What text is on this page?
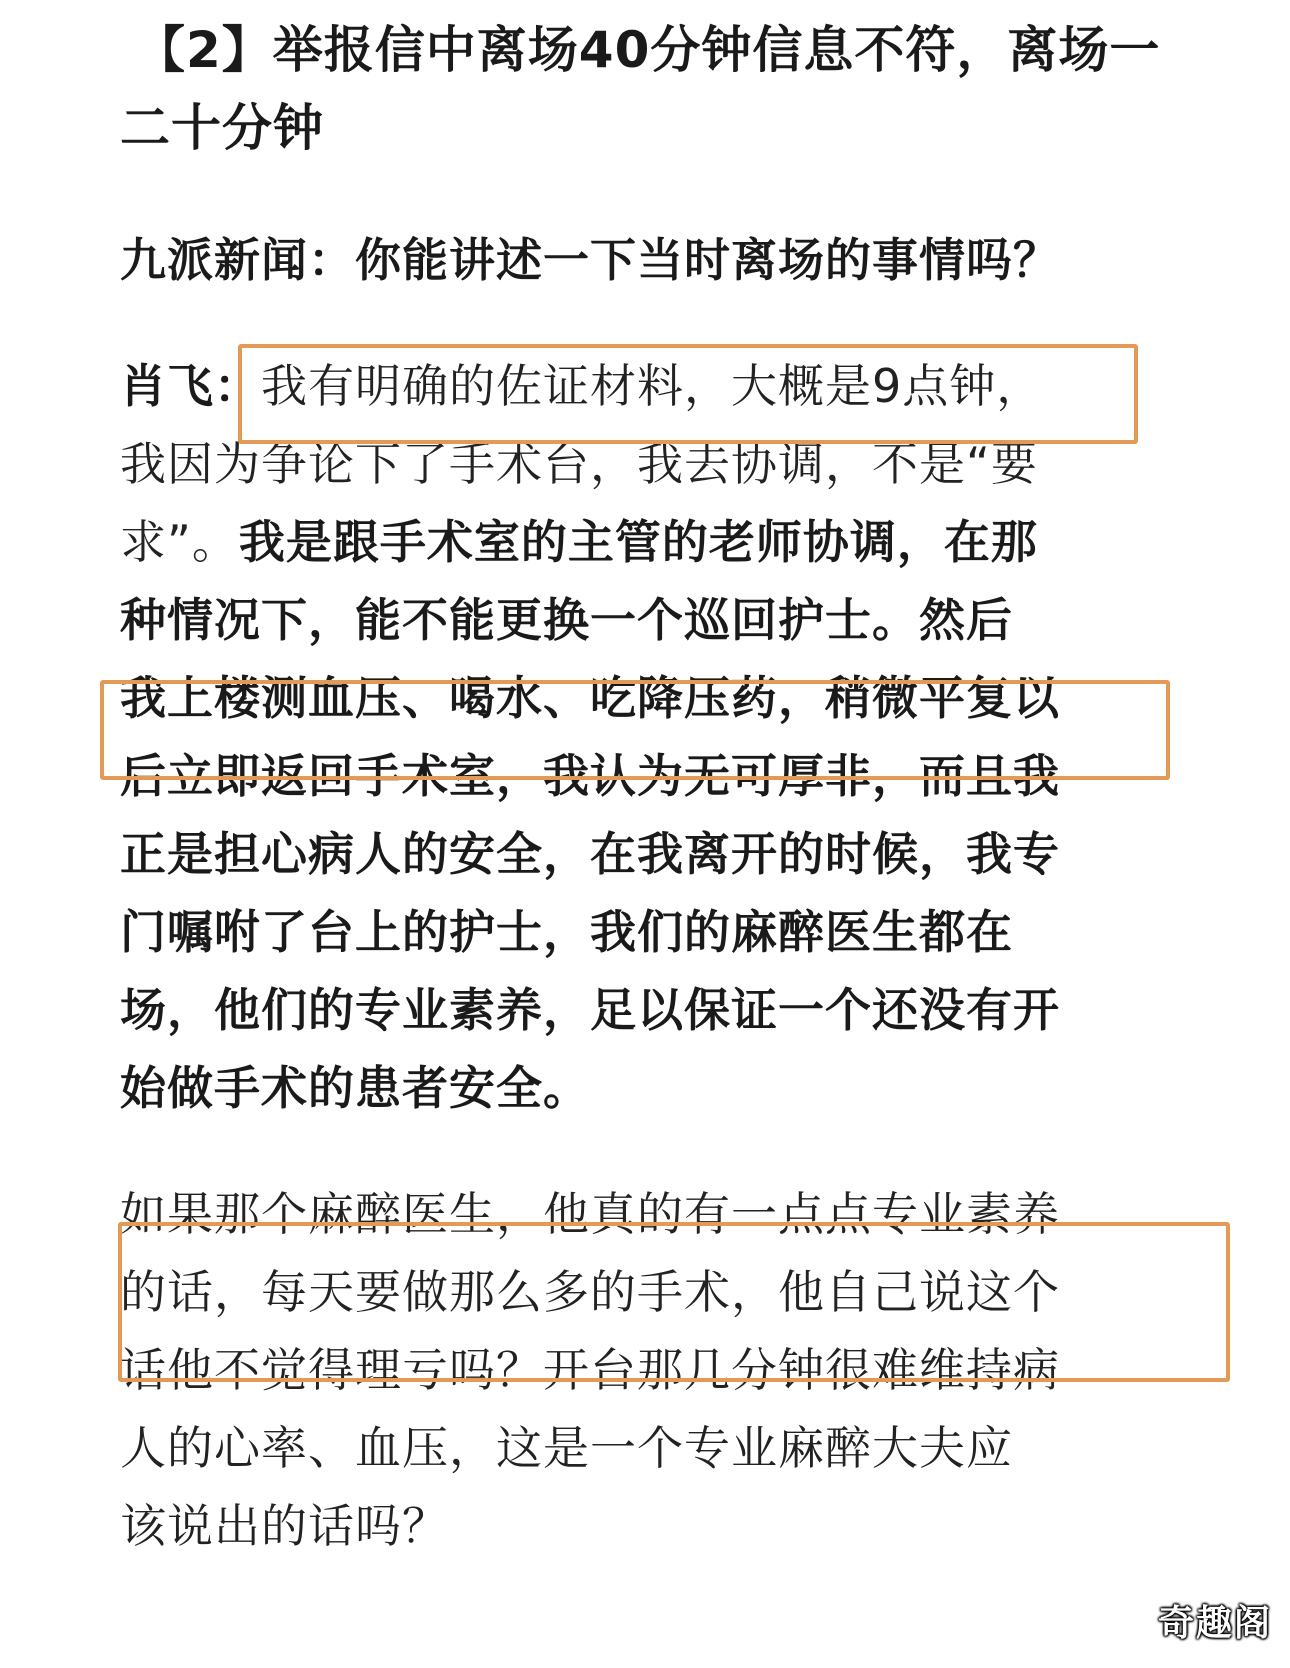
【2】举报信中离场40分钟信息不符，离场一
二十分钟
九派新闻：你能讲述一下当时离场的事情吗？
肖飞：我有明确的佐证材料，大概是9点钟，
我因为争论下了手术台，我去协调，不是“要
求”。我是跟手术室的主管的老师协调，在那
种情况下，能不能更换一个巡回护士。然后
我上楼测血压、喝水、吃降压药，稍微平复以
后立即返回手术室，我认为无可厚非，而且我
正是担心病人的安全，在我离开的时候，我专
门嘱咐了台上的护士，我们的麻醉医生都在
场，他们的专业素养，足以保证一个还没有开
始做手术的患者安全。
如果那个麻醉医生，他真的有一点点专业素养
的话，每天要做那么多的手术，他自己说这个
话他不觉得理亏吗？开台那几分钟很难维持病
人的心率、血压，这是一个专业麻醉大夫应
该说出的话吗？
奇趣阁
